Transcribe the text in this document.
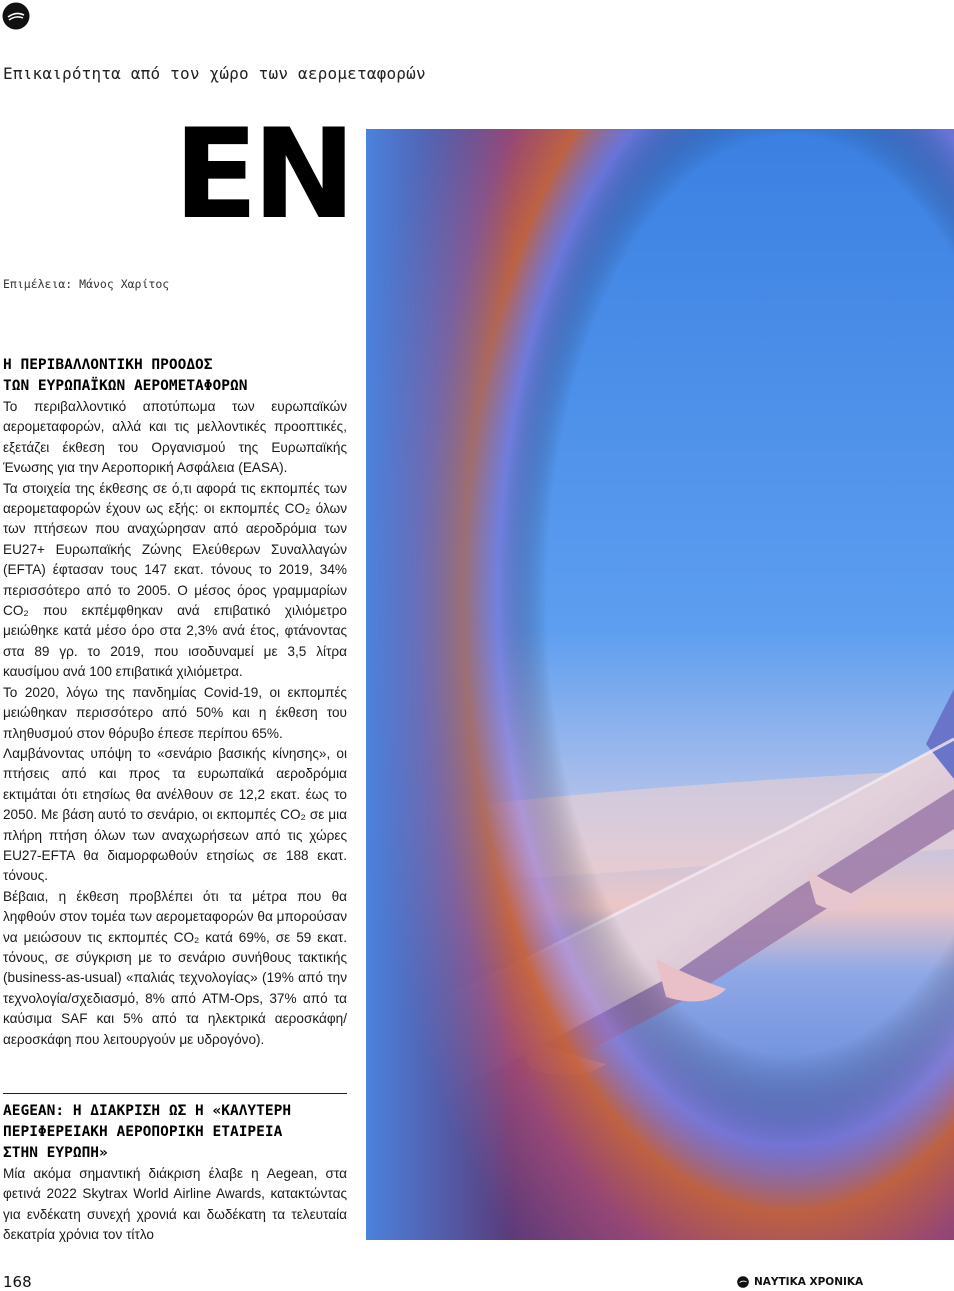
Επικαιρότητα από τον χώρο των αερομεταφορών
EN
Επιμέλεια: Μάνος Χαρίτος
Η ΠΕΡΙΒΑΛΛΟΝΤΙΚΗ ΠΡΟΟΔΟΣ
ΤΩΝ ΕΥΡΩΠΑΪΚΩΝ ΑΕΡΟΜΕΤΑΦΟΡΩΝ

Το περιβαλλοντικό αποτύπωμα των ευρωπαϊκών αερομεταφορών, αλλά και τις μελλοντικές προοπτικές, εξετάζει έκθεση του Οργανισμού της Ευρωπαϊκής Ένωσης για την Αεροπορική Ασφάλεια (EASA).

Τα στοιχεία της έκθεσης σε ό,τι αφορά τις εκπομπές των αερομεταφορών έχουν ως εξής: οι εκπομπές CO₂ όλων των πτήσεων που αναχώρησαν από αεροδρόμια των EU27+ Ευρωπαϊκής Ζώνης Ελεύθερων Συναλλαγών (EFTA) έφτασαν τους 147 εκατ. τόνους το 2019, 34% περισσότερο από το 2005. Ο μέσος όρος γραμμαρίων CO₂ που εκπέμφθηκαν ανά επιβατικό χιλιόμετρο μειώθηκε κατά μέσο όρο στα 2,3% ανά έτος, φτάνοντας στα 89 γρ. το 2019, που ισοδυναμεί με 3,5 λίτρα καυσίμου ανά 100 επιβατικά χιλιόμετρα.

Το 2020, λόγω της πανδημίας Covid-19, οι εκπομπές μειώθηκαν περισσότερο από 50% και η έκθεση του πληθυσμού στον θόρυβο έπεσε περίπου 65%.

Λαμβάνοντας υπόψη το «σενάριο βασικής κίνησης», οι πτήσεις από και προς τα ευρωπαϊκά αεροδρόμια εκτιμάται ότι ετησίως θα ανέλθουν σε 12,2 εκατ. έως το 2050. Με βάση αυτό το σενάριο, οι εκπομπές CO₂ σε μια πλήρη πτήση όλων των αναχωρήσεων από τις χώρες EU27-EFTA θα διαμορφωθούν ετησίως σε 188 εκατ. τόνους.

Βέβαια, η έκθεση προβλέπει ότι τα μέτρα που θα ληφθούν στον τομέα των αερομεταφορών θα μπορούσαν να μειώσουν τις εκπομπές CO₂ κατά 69%, σε 59 εκατ. τόνους, σε σύγκριση με το σενάριο συνήθους τακτικής (business-as-usual) «παλιάς τεχνολογίας» (19% από την τεχνολογία/σχεδιασμό, 8% από ATM-Ops, 37% από τα καύσιμα SAF και 5% από τα ηλεκτρικά αεροσκάφη/αεροσκάφη που λειτουργούν με υδρογόνο).

AEGEAN: Η ΔΙΑΚΡΙΣΗ ΩΣ Η «ΚΑΛΥΤΕΡΗ
ΠΕΡΙΦΕΡΕΙΑΚΗ ΑΕΡΟΠΟΡΙΚΗ ΕΤΑΙΡΕΙΑ
ΣΤΗΝ ΕΥΡΩΠΗ»

Μία ακόμα σημαντική διάκριση έλαβε η Aegean, στα φετινά 2022 Skytrax World Airline Awards, κατακτώντας για ενδέκατη συνεχή χρονιά και δωδέκατη τα τελευταία δεκατρία χρόνια τον τίτλο

168	ΝΑΥΤΙΚΑ ΧΡΟΝΙΚΑ
